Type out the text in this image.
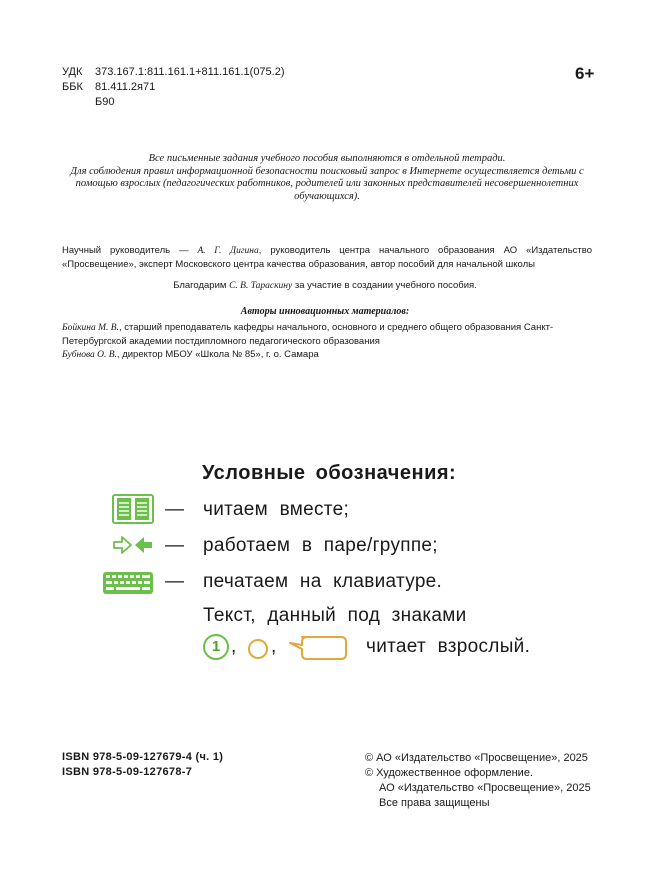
УДК 373.167.1:811.161.1+811.161.1(075.2)
ББК 81.411.2я71
Б90
6+
Все письменные задания учебного пособия выполняются в отдельной тетради.
Для соблюдения правил информационной безопасности поисковый запрос в Интернете осуществляется детьми с помощью взрослых (педагогических работников, родителей или законных представителей несовершеннолетних обучающихся).
Научный руководитель — А. Г. Дигина, руководитель центра начального образования АО «Издательство «Просвещение», эксперт Московского центра качества образования, автор пособий для начальной школы
Благодарим С. В. Тараскину за участие в создании учебного пособия.
Авторы инновационных материалов:
Бойкина М. В., старший преподаватель кафедры начального, основного и среднего общего образования Санкт-Петербургской академии постдипломного педагогического образования
Бубнова О. В., директор МБОУ «Школа № 85», г. о. Самара
Условные обозначения:
— читаем вместе;
— работаем в паре/группе;
— печатаем на клавиатуре.
Текст, данный под знаками
1 , ,	читает взрослый.
ISBN 978-5-09-127679-4 (ч. 1)
ISBN 978-5-09-127678-7
© АО «Издательство «Просвещение», 2025
© Художественное оформление.
АО «Издательство «Просвещение», 2025
Все права защищены
